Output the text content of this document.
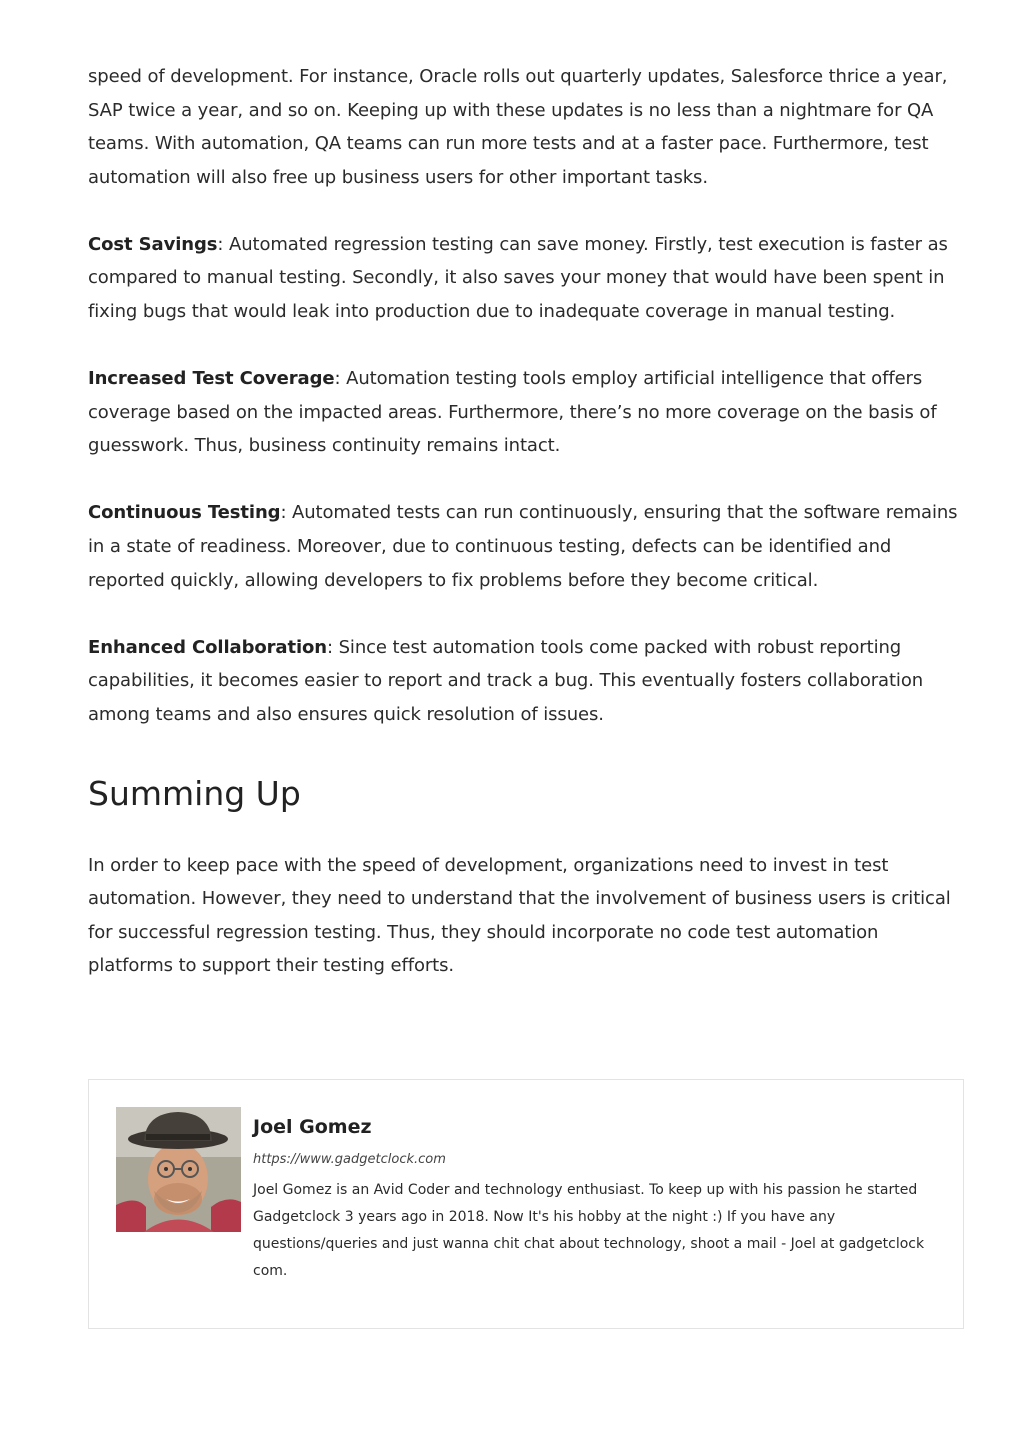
speed of development. For instance, Oracle rolls out quarterly updates, Salesforce thrice a year, SAP twice a year, and so on. Keeping up with these updates is no less than a nightmare for QA teams. With automation, QA teams can run more tests and at a faster pace. Furthermore, test automation will also free up business users for other important tasks.

Cost Savings: Automated regression testing can save money. Firstly, test execution is faster as compared to manual testing. Secondly, it also saves your money that would have been spent in fixing bugs that would leak into production due to inadequate coverage in manual testing.

Increased Test Coverage: Automation testing tools employ artificial intelligence that offers coverage based on the impacted areas. Furthermore, there’s no more coverage on the basis of guesswork. Thus, business continuity remains intact.

Continuous Testing: Automated tests can run continuously, ensuring that the software remains in a state of readiness. Moreover, due to continuous testing, defects can be identified and reported quickly, allowing developers to fix problems before they become critical.

Enhanced Collaboration: Since test automation tools come packed with robust reporting capabilities, it becomes easier to report and track a bug. This eventually fosters collaboration among teams and also ensures quick resolution of issues.

Summing Up

In order to keep pace with the speed of development, organizations need to invest in test automation. However, they need to understand that the involvement of business users is critical for successful regression testing. Thus, they should incorporate no code test automation platforms to support their testing efforts.

Joel Gomez
https://www.gadgetclock.com

Joel Gomez is an Avid Coder and technology enthusiast. To keep up with his passion he started Gadgetclock 3 years ago in 2018. Now It's his hobby at the night :) If you have any questions/queries and just wanna chit chat about technology, shoot a mail - Joel at gadgetclock com.
